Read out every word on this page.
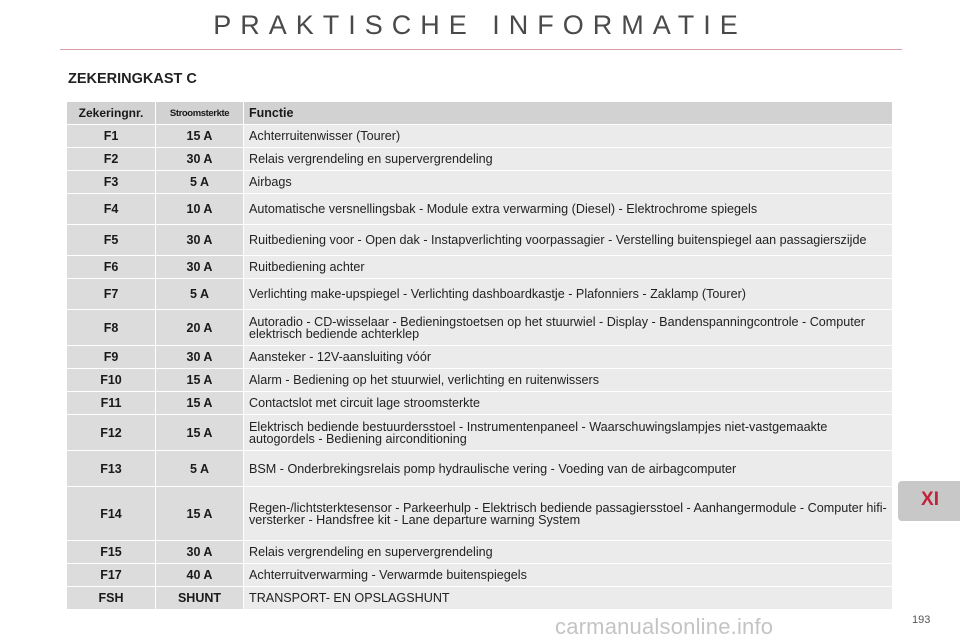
PRAKTISCHE INFORMATIE
ZEKERINGKAST C
Zekeringnr.	Stroomsterkte	Functie
F1	15 A	Achterruitenwisser (Tourer)
F2	30 A	Relais vergrendeling en supervergrendeling
F3	5 A	Airbags
F4	10 A	Automatische versnellingsbak - Module extra verwarming (Diesel) - Elektrochrome spiegels
F5	30 A	Ruitbediening voor - Open dak - Instapverlichting voorpassagier - Verstelling buitenspiegel aan passagierszijde
F6	30 A	Ruitbediening achter
F7	5 A	Verlichting make-upspiegel - Verlichting dashboardkastje - Plafonniers - Zaklamp (Tourer)
F8	20 A	Autoradio - CD-wisselaar - Bedieningstoetsen op het stuurwiel - Display - Bandenspanningcontrole - Computer elektrisch bediende achterklep
F9	30 A	Aansteker - 12V-aansluiting vóór
F10	15 A	Alarm - Bediening op het stuurwiel, verlichting en ruitenwissers
F11	15 A	Contactslot met circuit lage stroomsterkte
F12	15 A	Elektrisch bediende bestuurdersstoel - Instrumentenpaneel - Waarschuwingslampjes niet-vastgemaakte autogordels - Bediening airconditioning
F13	5 A	BSM - Onderbrekingsrelais pomp hydraulische vering - Voeding van de airbagcomputer
F14	15 A	Regen-/lichtsterktesensor - Parkeerhulp - Elektrisch bediende passagiersstoel - Aanhangermodule - Computer hifi-versterker - Handsfree kit - Lane departure warning System
F15	30 A	Relais vergrendeling en supervergrendeling
F17	40 A	Achterruitverwarming - Verwarmde buitenspiegels
FSH	SHUNT	TRANSPORT- EN OPSLAGSHUNT
XI
carmanualsonline.info	193
